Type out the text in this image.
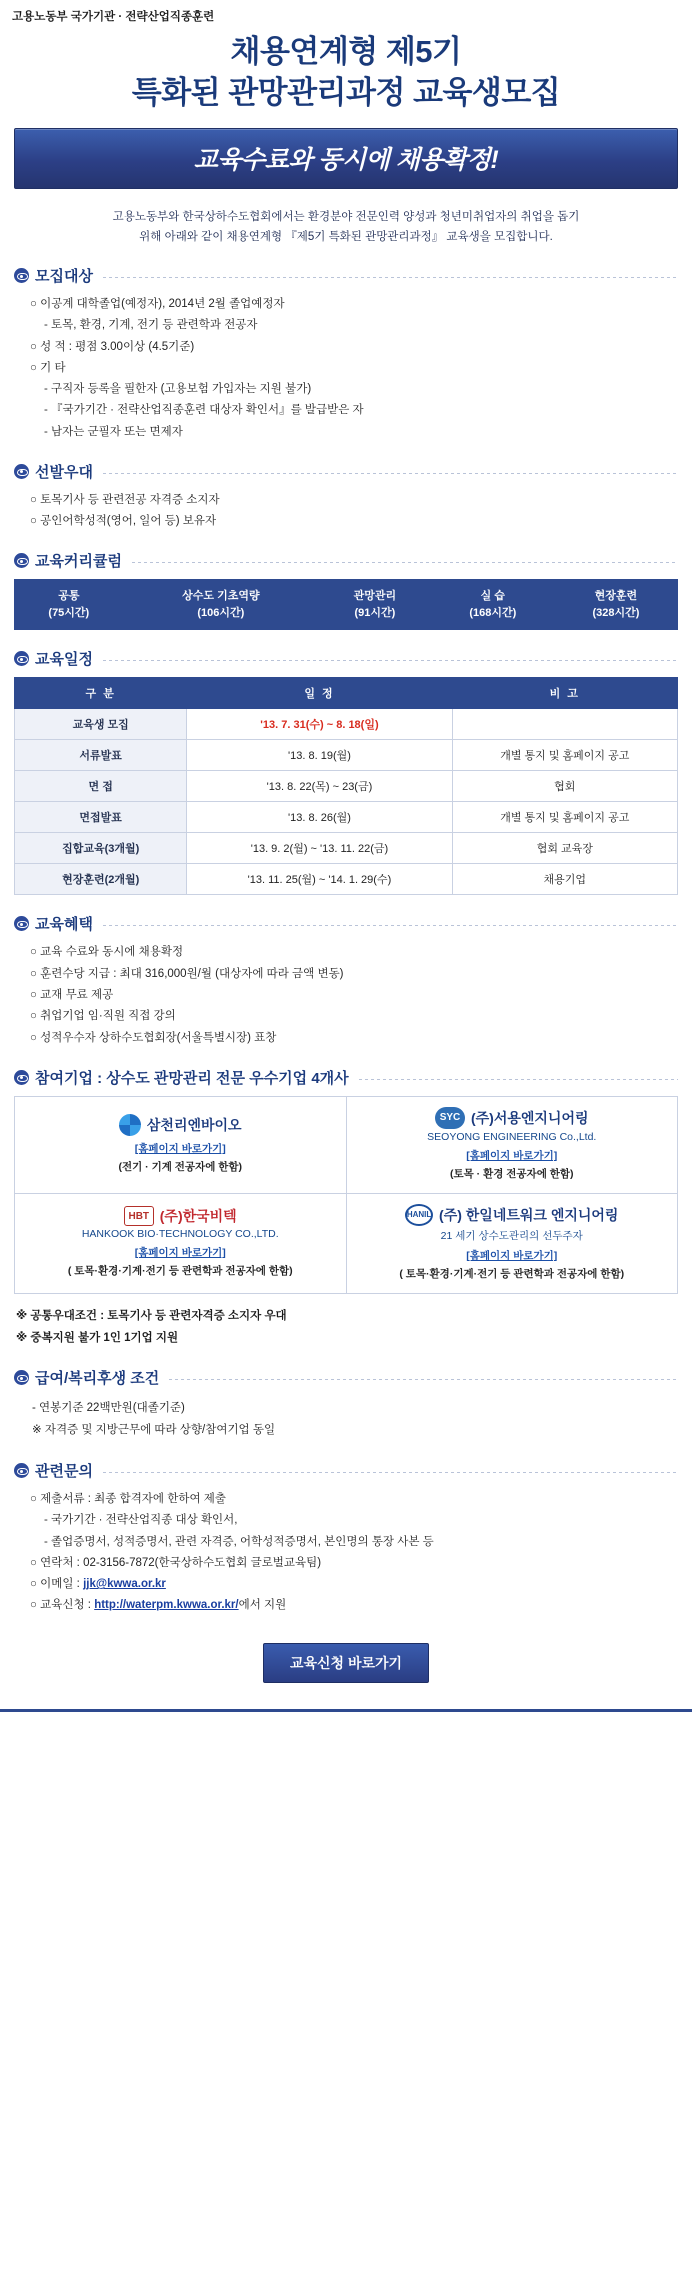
고용노동부 국가기관 · 전략산업직종훈련
채용연계형 제5기
특화된 관망관리과정 교육생모집
교육수료와 동시에 채용확정!
고용노동부와 한국상하수도협회에서는 환경분야 전문인력 양성과 청년미취업자의 취업을 돕기
위해 아래와 같이 채용연계형 『제5기 특화된 관망관리과정』 교육생을 모집합니다.
모집대상
○ 이공계 대학졸업(예정자), 2014년 2월 졸업예정자
- 토목, 환경, 기계, 전기 등 관련학과 전공자
○ 성 적 : 평점 3.00이상 (4.5기준)
○ 기 타
- 구직자 등록을 필한자 (고용보험 가입자는 지원 불가)
- 『국가기간 · 전략산업직종훈련 대상자 확인서』를 발급받은 자
- 남자는 군필자 또는 면제자
선발우대
○ 토목기사 등 관련전공 자격증 소지자
○ 공인어학성적(영어, 일어 등) 보유자
교육커리큘럼
공통
(75시간)

상수도 기초역량
(106시간)

관망관리
(91시간)

실 습
(168시간)

현장훈련
(328시간)
교육일정
구 분	일 정	비 고
교육생 모집	'13. 7. 31(수) ~ 8. 18(일)	
서류발표	'13. 8. 19(월)	개별 통지 및 홈페이지 공고
면 접	'13. 8. 22(목) ~ 23(금)	협회
면접발표	'13. 8. 26(월)	개별 통지 및 홈페이지 공고
집합교육(3개월)	'13. 9. 2(월) ~ '13. 11. 22(금)	협회 교육장
현장훈련(2개월)	'13. 11. 25(월) ~ '14. 1. 29(수)	채용기업
교육혜택
○ 교육 수료와 동시에 채용확정
○ 훈련수당 지급 : 최대 316,000원/월 (대상자에 따라 금액 변동)
○ 교재 무료 제공
○ 취업기업 임·직원 직접 강의
○ 성적우수자 상하수도협회장(서울특별시장) 표창
참여기업 : 상수도 관망관리 전문 우수기업 4개사
삼천리엔바이오
[홈페이지 바로가기]
(전기 · 기계 전공자에 한함)

SYC (주)서용엔지니어링
SEOYONG ENGINEERING Co.,Ltd.
[홈페이지 바로가기]
(토목 · 환경 전공자에 한함)

HBT (주)한국비텍
HANKOOK BIO·TECHNOLOGY CO.,LTD.
[홈페이지 바로가기]
( 토목·환경·기계·전기 등 관련학과 전공자에 한함)

HANIL (주) 한일네트워크 엔지니어링
21 세기 상수도관리의 선두주자
[홈페이지 바로가기]
( 토목·환경·기계·전기 등 관련학과 전공자에 한함)
※ 공통우대조건 : 토목기사 등 관련자격증 소지자 우대
※ 중복지원 불가 1인 1기업 지원
급여/복리후생 조건
- 연봉기준 22백만원(대졸기준)
※ 자격증 및 지방근무에 따라 상향/참여기업 동일
관련문의
○ 제출서류 : 최종 합격자에 한하여 제출
- 국가기간 · 전략산업직종 대상 확인서,
- 졸업증명서, 성적증명서, 관련 자격증, 어학성적증명서, 본인명의 통장 사본 등
○ 연락처 : 02-3156-7872(한국상하수도협회 글로벌교육팀)
○ 이메일 : jjk@kwwa.or.kr
○ 교육신청 : http://waterpm.kwwa.or.kr/에서 지원
교육신청 바로가기
